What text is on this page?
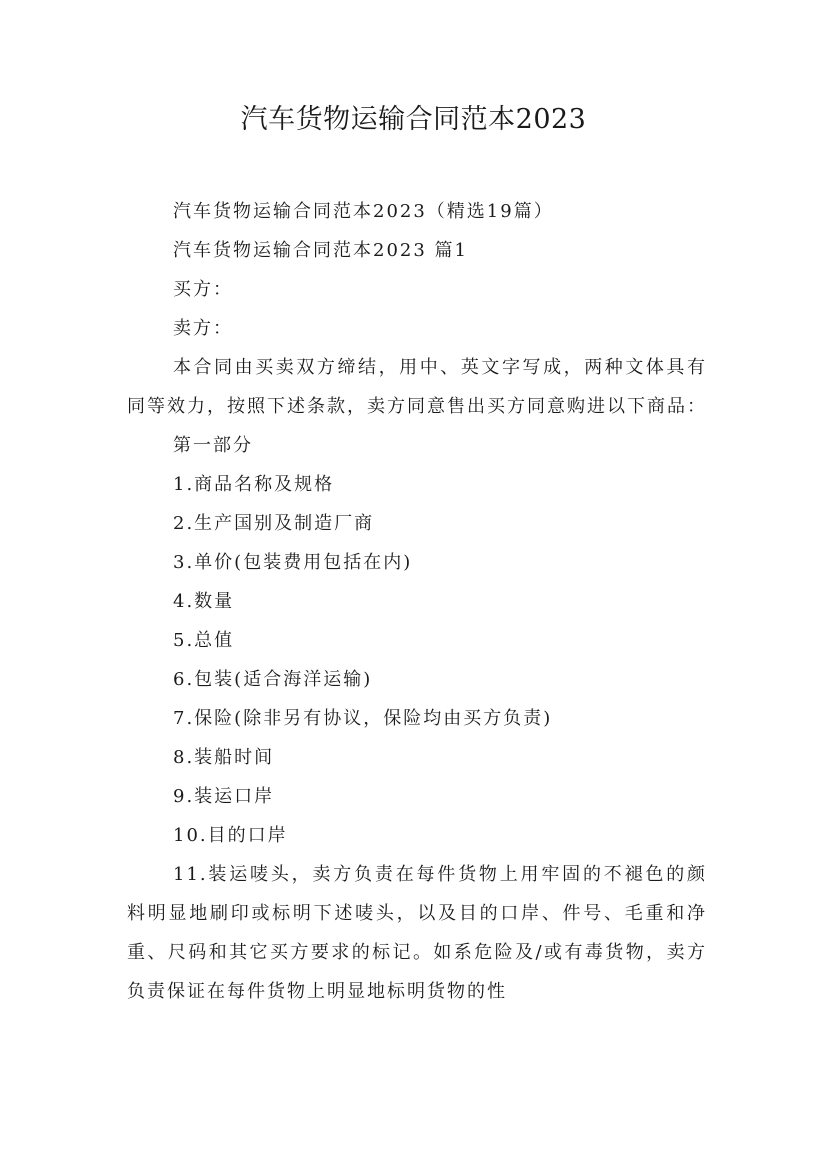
汽车货物运输合同范本2023

汽车货物运输合同范本2023（精选19篇）

汽车货物运输合同范本2023 篇1

买方：

卖方：

本合同由买卖双方缔结，用中、英文字写成，两种文体具有同等效力，按照下述条款，卖方同意售出买方同意购进以下商品：

第一部分

1.商品名称及规格

2.生产国别及制造厂商

3.单价(包装费用包括在内)

4.数量

5.总值

6.包装(适合海洋运输)

7.保险(除非另有协议，保险均由买方负责)

8.装船时间

9.装运口岸

10.目的口岸

11.装运唛头，卖方负责在每件货物上用牢固的不褪色的颜料明显地刷印或标明下述唛头，以及目的口岸、件号、毛重和净重、尺码和其它买方要求的标记。如系危险及/或有毒货物，卖方负责保证在每件货物上明显地标明货物的性
